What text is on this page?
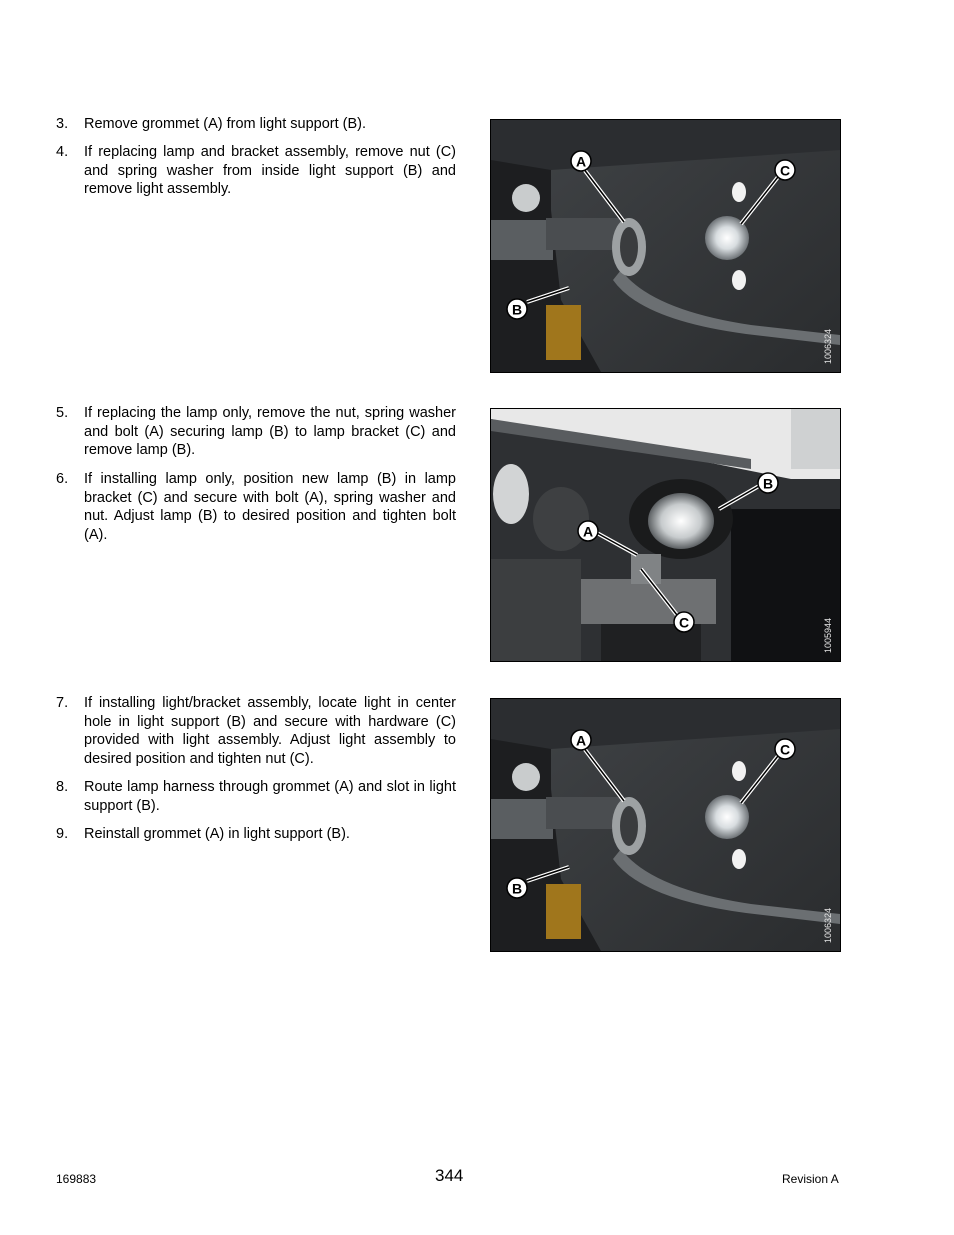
3. Remove grommet (A) from light support (B).
4. If replacing lamp and bracket assembly, remove nut (C) and spring washer from inside light support (B) and remove light assembly.
A
C
B
1006324
5. If replacing the lamp only, remove the nut, spring washer and bolt (A) securing lamp (B) to lamp bracket (C) and remove lamp (B).
6. If installing lamp only, position new lamp (B) in lamp bracket (C) and secure with bolt (A), spring washer and nut. Adjust lamp (B) to desired position and tighten bolt (A).	A
B
C	1005944
7. If installing light/bracket assembly, locate light in center hole in light support (B) and secure with hardware (C) provided with light assembly. Adjust light assembly to desired position and tighten nut (C).
8. Route lamp harness through grommet (A) and slot in light support (B).
9. Reinstall grommet (A) in light support (B).
A
C
B
1006324
169883	344	Revision A
